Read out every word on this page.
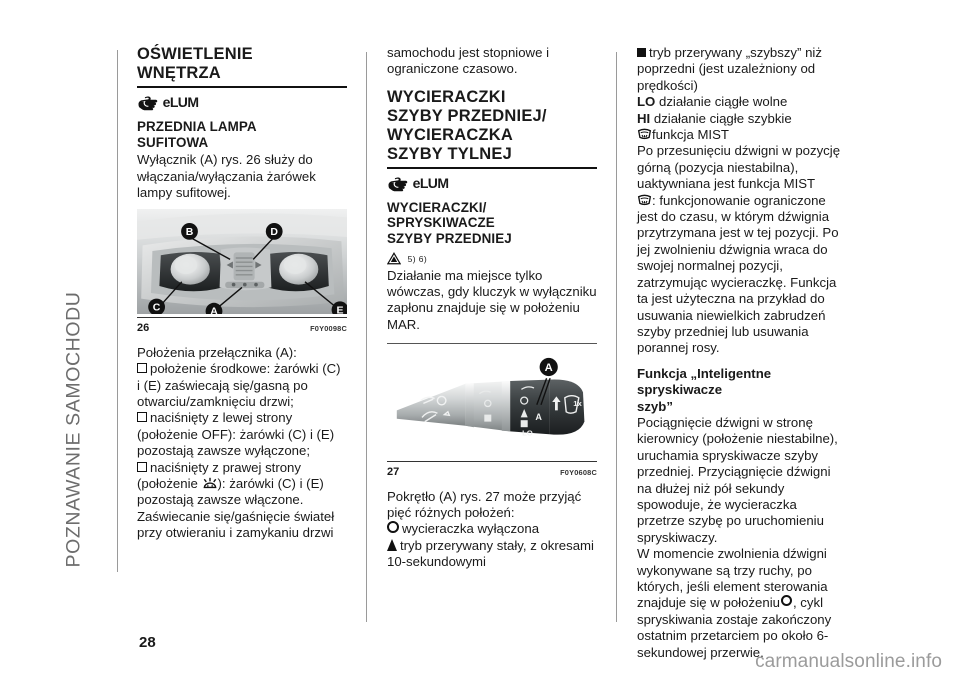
POZNAWANIE SAMOCHODU
OŚWIETLENIE
WNĘTRZA
eLUM
PRZEDNIA LAMPA
SUFITOWA

Wyłącznik (A) rys. 26 służy do włączania/wyłączania żarówek lampy sufitowej.

B	D
C	A	E
26	F0Y0098C

Położenia przełącznika (A):

położenie środkowe: żarówki (C) i (E) zaświecają się/gasną po otwarciu/zamknięciu drzwi;

naciśnięty z lewej strony (położenie OFF): żarówki (C) i (E) pozostają zawsze wyłączone;

naciśnięty z prawej strony (położenie ): żarówki (C) i (E) pozostają zawsze włączone.

Zaświecanie się/gaśnięcie świateł przy otwieraniu i zamykaniu drzwi

samochodu jest stopniowe i ograniczone czasowo.

WYCIERACZKI
SZYBY PRZEDNIEJ/
WYCIERACZKA
SZYBY TYLNEJ
eLUM
WYCIERACZKI/
SPRYSKIWACZE
SZYBY PRZEDNIEJ
$^{5) 6)}$

Działanie ma miejsce tylko wówczas, gdy kluczyk w wyłączniku zapłonu znajduje się w położeniu MAR.

A
LO
1x
A
27	F0Y0608C

Pokrętło (A) rys. 27 może przyjąć pięć różnych położeń:

wycieraczka wyłączona

tryb przerywany stały, z okresami 10-sekundowymi

tryb przerywany „szybszy” niż poprzedni (jest uzależniony od prędkości)

LO działanie ciągłe wolne

HI działanie ciągłe szybkie

funkcja MIST

Po przesunięciu dźwigni w pozycję górną (pozycja niestabilna), uaktywniana jest funkcja MIST

: funkcjonowanie ograniczone jest do czasu, w którym dźwignia przytrzymana jest w tej pozycji. Po jej zwolnieniu dźwignia wraca do swojej normalnej pozycji, zatrzymując wycieraczkę. Funkcja ta jest użyteczna na przykład do usuwania niewielkich zabrudzeń szyby przedniej lub usuwania porannej rosy.

Funkcja „Inteligentne spryskiwacze
szyb”

Pociągnięcie dźwigni w stronę kierownicy (położenie niestabilne), uruchamia spryskiwacze szyby przedniej. Przyciągnięcie dźwigni na dłużej niż pół sekundy spowoduje, że wycieraczka przetrze szybę po uruchomieniu spryskiwaczy.

W momencie zwolnienia dźwigni wykonywane są trzy ruchy, po których, jeśli element sterowania znajduje się w położeniu , cykl spryskiwania zostaje zakończony ostatnim przetarciem po około 6-sekundowej przerwie.

28
carmanualsonline.info
